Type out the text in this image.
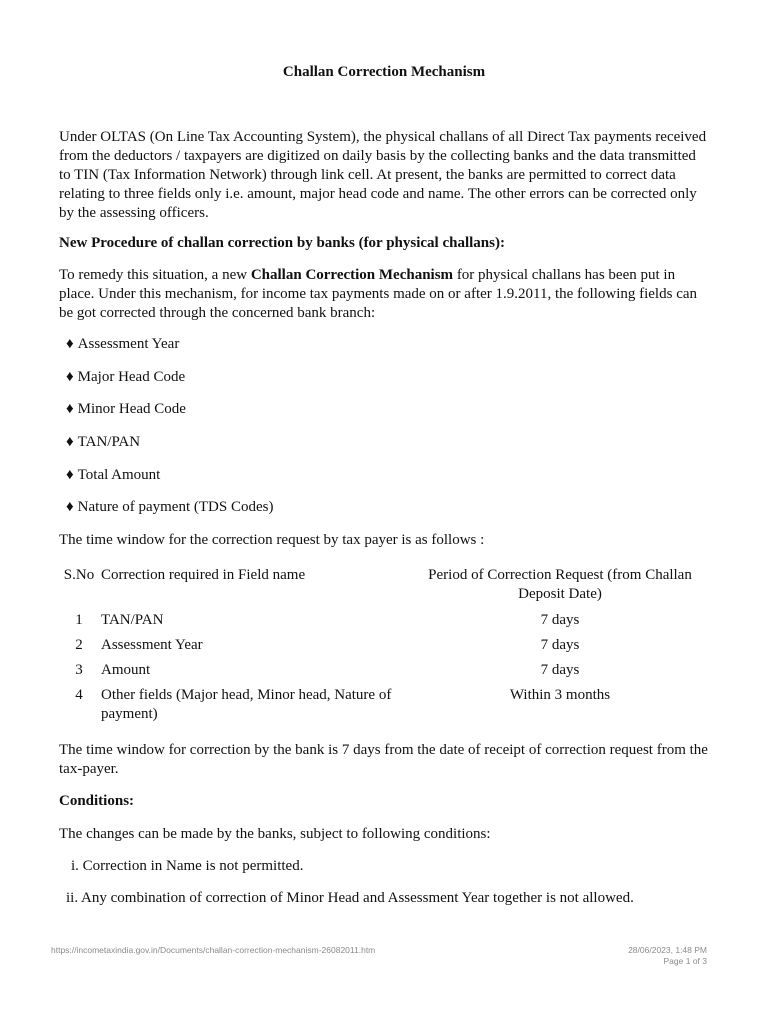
Challan Correction Mechanism

Under OLTAS (On Line Tax Accounting System), the physical challans of all Direct Tax payments received from the deductors / taxpayers are digitized on daily basis by the collecting banks and the data transmitted to TIN (Tax Information Network) through link cell. At present, the banks are permitted to correct data relating to three fields only i.e. amount, major head code and name. The other errors can be corrected only by the assessing officers.

New Procedure of challan correction by banks (for physical challans):

To remedy this situation, a new Challan Correction Mechanism for physical challans has been put in place. Under this mechanism, for income tax payments made on or after 1.9.2011, the following fields can be got corrected through the concerned bank branch:

♦ Assessment Year
♦ Major Head Code
♦ Minor Head Code
♦ TAN/PAN
♦ Total Amount
♦ Nature of payment (TDS Codes)

The time window for the correction request by tax payer is as follows :

S.No	Correction required in Field name	Period of Correction Request (from Challan Deposit Date)
1	TAN/PAN	7 days
2	Assessment Year	7 days
3	Amount	7 days
4	Other fields (Major head, Minor head, Nature of payment)	Within 3 months

The time window for correction by the bank is 7 days from the date of receipt of correction request from the tax-payer.

Conditions:

The changes can be made by the banks, subject to following conditions:

i. Correction in Name is not permitted.
ii. Any combination of correction of Minor Head and Assessment Year together is not allowed.
https://incometaxindia.gov.in/Documents/challan-correction-mechanism-26082011.htm	28/06/2023, 1:48 PM
Page 1 of 3
